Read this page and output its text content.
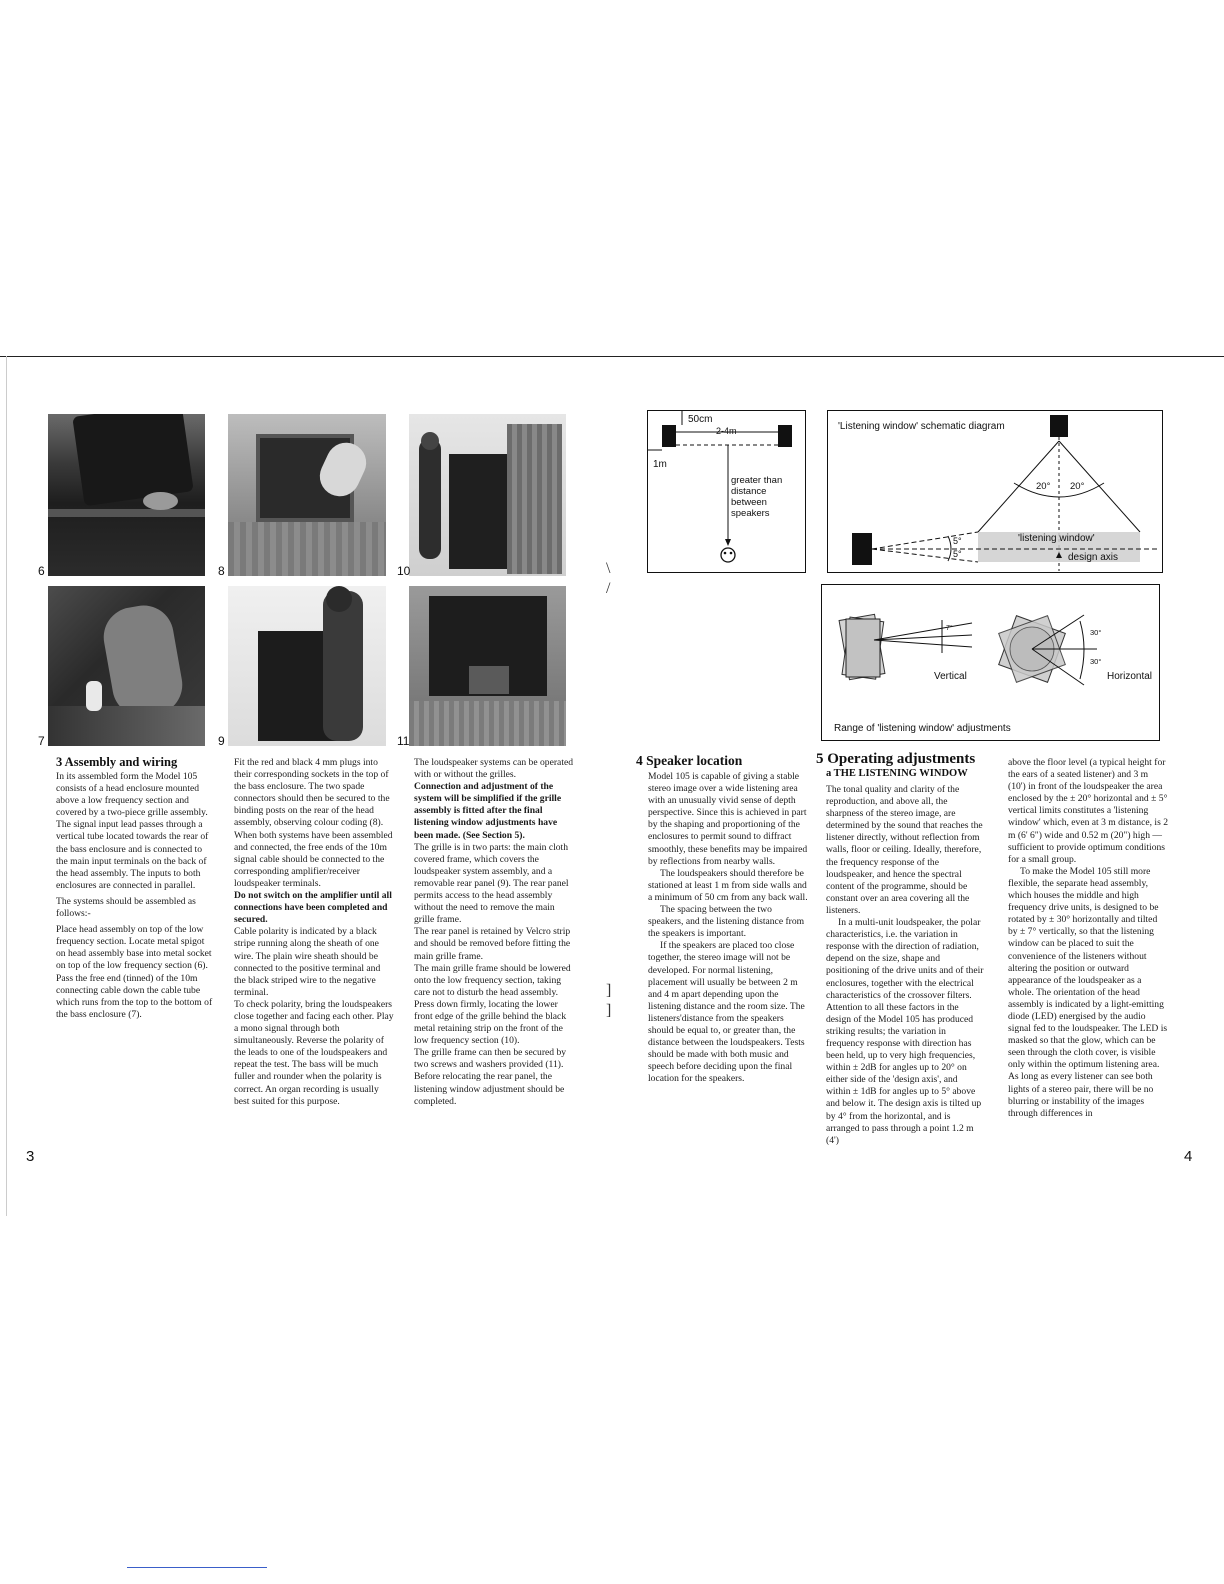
6	8	10
7	9	11
3 Assembly and wiring

In its assembled form the Model 105 consists of a head enclosure mounted above a low frequency section and covered by a two-piece grille assembly. The signal input lead passes through a vertical tube located towards the rear of the bass enclosure and is connected to the main input terminals on the back of the head assembly. The inputs to both enclosures are connected in parallel.

The systems should be assembled as follows:-

Place head assembly on top of the low frequency section. Locate metal spigot on head assembly base into metal socket on top of the low frequency section (6).

Pass the free end (tinned) of the 10m connecting cable down the cable tube which runs from the top to the bottom of the bass enclosure (7).

Fit the red and black 4 mm plugs into their corresponding sockets in the top of the bass enclosure. The two spade connectors should then be secured to the binding posts on the rear of the head assembly, observing colour coding (8).

When both systems have been assembled and connected, the free ends of the 10m signal cable should be connected to the corresponding amplifier/receiver loudspeaker terminals.

Do not switch on the amplifier until all connections have been completed and secured.

Cable polarity is indicated by a black stripe running along the sheath of one wire. The plain wire sheath should be connected to the positive terminal and the black striped wire to the negative terminal.

To check polarity, bring the loudspeakers close together and facing each other. Play a mono signal through both simultaneously. Reverse the polarity of the leads to one of the loudspeakers and repeat the test. The bass will be much fuller and rounder when the polarity is correct. An organ recording is usually best suited for this purpose.

The loudspeaker systems can be operated with or without the grilles.

Connection and adjustment of the system will be simplified if the grille assembly is fitted after the final listening window adjustments have been made. (See Section 5).

The grille is in two parts: the main cloth covered frame, which covers the loudspeaker system assembly, and a removable rear panel (9). The rear panel permits access to the head assembly without the need to remove the main grille frame.

The rear panel is retained by Velcro strip and should be removed before fitting the main grille frame.

The main grille frame should be lowered onto the low frequency section, taking care not to disturb the head assembly. Press down firmly, locating the lower front edge of the grille behind the black metal retaining strip on the front of the low frequency section (10).

The grille frame can then be secured by two screws and washers provided (11). Before relocating the rear panel, the listening window adjustment should be completed.

3
\
/
]
]
50cm
2-4m
1m
greater than
distance
between
speakers
'Listening window' schematic diagram
20° 20°
'listening window'
5°
5°	design axis
7°
Vertical
30°
30°
Horizontal
Range of 'listening window' adjustments
4 Speaker location

Model 105 is capable of giving a stable stereo image over a wide listening area with an unusually vivid sense of depth perspective. Since this is achieved in part by the shaping and proportioning of the enclosures to permit sound to diffract smoothly, these benefits may be impaired by reflections from nearby walls.

The loudspeakers should therefore be stationed at least 1 m from side walls and a minimum of 50 cm from any back wall.

The spacing between the two speakers, and the listening distance from the speakers is important.

If the speakers are placed too close together, the stereo image will not be developed. For normal listening, placement will usually be between 2 m and 4 m apart depending upon the listening distance and the room size. The listeners'distance from the speakers should be equal to, or greater than, the distance between the loudspeakers. Tests should be made with both music and speech before deciding upon the final location for the speakers.

5 Operating adjustments
a THE LISTENING WINDOW

The tonal quality and clarity of the reproduction, and above all, the sharpness of the stereo image, are determined by the sound that reaches the listener directly, without reflection from walls, floor or ceiling. Ideally, therefore, the frequency response of the loudspeaker, and hence the spectral content of the programme, should be constant over an area covering all the listeners.

In a multi-unit loudspeaker, the polar characteristics, i.e. the variation in response with the direction of radiation, depend on the size, shape and positioning of the drive units and of their enclosures, together with the electrical characteristics of the crossover filters. Attention to all these factors in the design of the Model 105 has produced striking results; the variation in frequency response with direction has been held, up to very high frequencies, within ± 2dB for angles up to 20° on either side of the 'design axis', and within ± 1dB for angles up to 5° above and below it. The design axis is tilted up by 4° from the horizontal, and is arranged to pass through a point 1.2 m (4')

above the floor level (a typical height for the ears of a seated listener) and 3 m (10') in front of the loudspeaker the area enclosed by the ± 20° horizontal and ± 5° vertical limits constitutes a 'listening window' which, even at 3 m distance, is 2 m (6' 6") wide and 0.52 m (20") high — sufficient to provide optimum conditions for a small group.

To make the Model 105 still more flexible, the separate head assembly, which houses the middle and high frequency drive units, is designed to be rotated by ± 30° horizontally and tilted by ± 7° vertically, so that the listening window can be placed to suit the convenience of the listeners without altering the position or outward appearance of the loudspeaker as a whole. The orientation of the head assembly is indicated by a light-emitting diode (LED) energised by the audio signal fed to the loudspeaker. The LED is masked so that the glow, which can be seen through the cloth cover, is visible only within the optimum listening area. As long as every listener can see both lights of a stereo pair, there will be no blurring or instability of the images through differences in

4
